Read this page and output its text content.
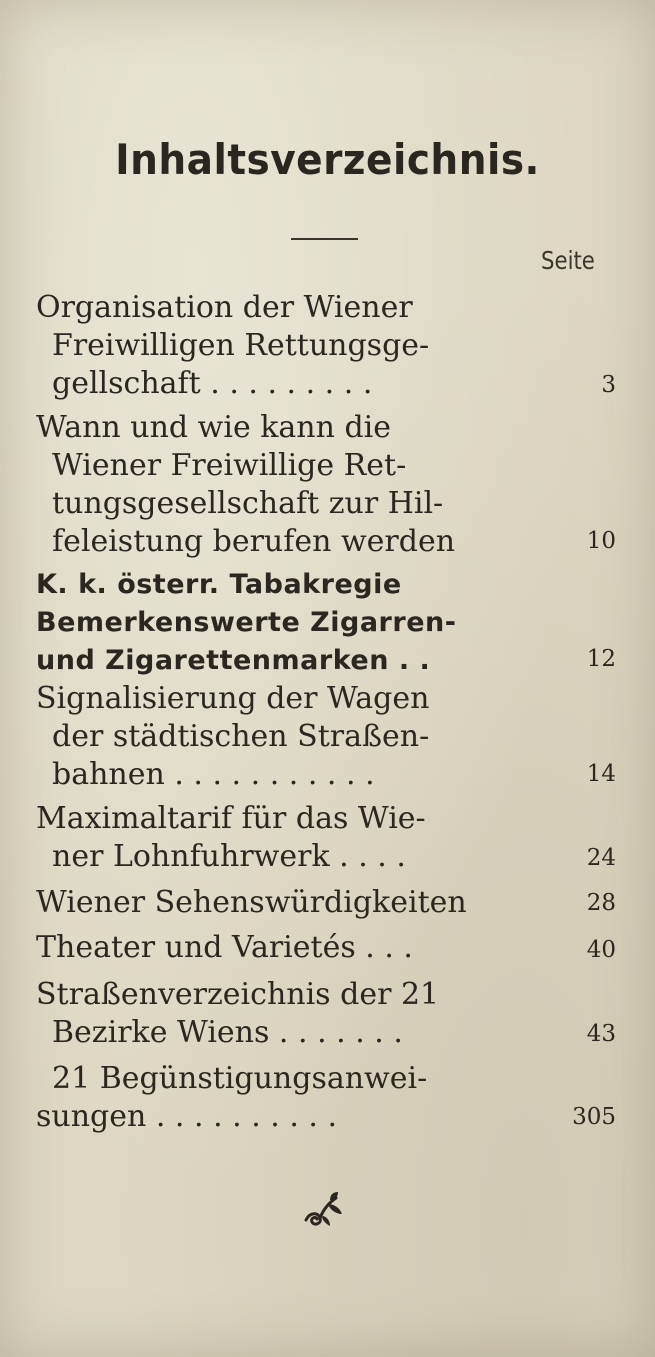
Inhaltsverzeichnis.
Seite
Organisation der Wiener
Freiwilligen Rettungsge-
gellschaft . . . . . . . . .	3
Wann und wie kann die
Wiener Freiwillige Ret-
tungsgesellschaft zur Hil-
feleistung berufen werden	10
K. k. österr. Tabakregie
Bemerkenswerte Zigarren-
und Zigarettenmarken . .	12
Signalisierung der Wagen
der städtischen Straßen-
bahnen . . . . . . . . . . .	14
Maximaltarif für das Wie-
ner Lohnfuhrwerk . . . .	24
Wiener Sehenswürdigkeiten	28
Theater und Varietés . . .	40
Straßenverzeichnis der 21
Bezirke Wiens . . . . . . .	43
21 Begünstigungsanwei-
sungen . . . . . . . . . .	305
